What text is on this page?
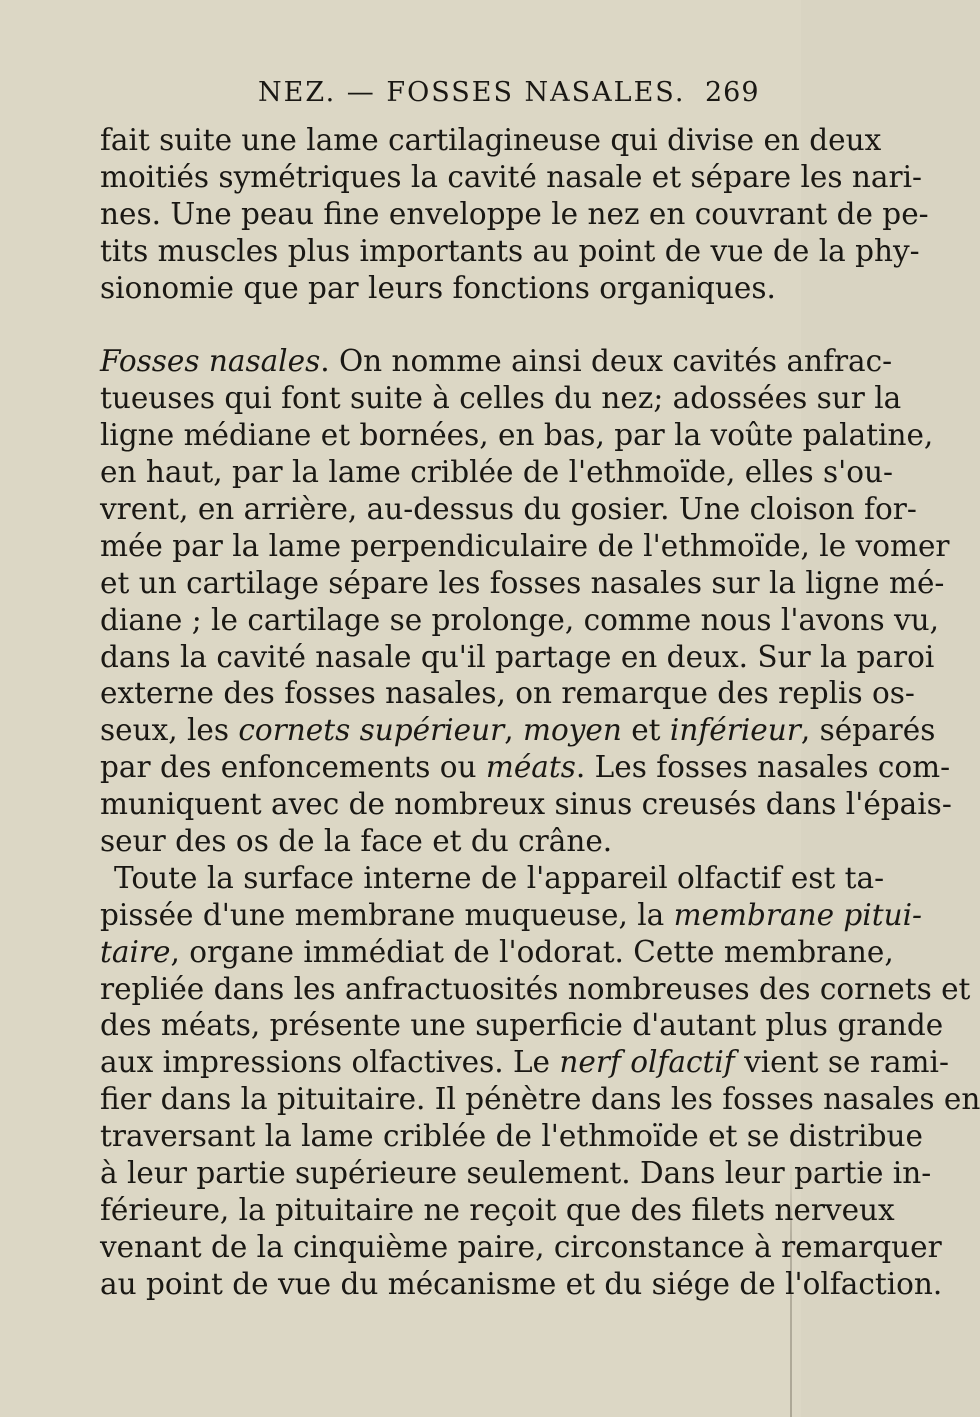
NEZ. — FOSSES NASALES. 269
fait suite une lame cartilagineuse qui divise en deux
moitiés symétriques la cavité nasale et sépare les nari-
nes. Une peau fine enveloppe le nez en couvrant de pe-
tits muscles plus importants au point de vue de la phy-
sionomie que par leurs fonctions organiques.
Fosses nasales. On nomme ainsi deux cavités anfrac-
tueuses qui font suite à celles du nez; adossées sur la
ligne médiane et bornées, en bas, par la voûte palatine,
en haut, par la lame criblée de l'ethmoïde, elles s'ou-
vrent, en arrière, au-dessus du gosier. Une cloison for-
mée par la lame perpendiculaire de l'ethmoïde, le vomer
et un cartilage sépare les fosses nasales sur la ligne mé-
diane ; le cartilage se prolonge, comme nous l'avons vu,
dans la cavité nasale qu'il partage en deux. Sur la paroi
externe des fosses nasales, on remarque des replis os-
seux, les cornets supérieur, moyen et inférieur, séparés
par des enfoncements ou méats. Les fosses nasales com-
muniquent avec de nombreux sinus creusés dans l'épais-
seur des os de la face et du crâne.
Toute la surface interne de l'appareil olfactif est ta-
pissée d'une membrane muqueuse, la membrane pitui-
taire, organe immédiat de l'odorat. Cette membrane,
repliée dans les anfractuosités nombreuses des cornets et
des méats, présente une superficie d'autant plus grande
aux impressions olfactives. Le nerf olfactif vient se rami-
fier dans la pituitaire. Il pénètre dans les fosses nasales en
traversant la lame criblée de l'ethmoïde et se distribue
à leur partie supérieure seulement. Dans leur partie in-
férieure, la pituitaire ne reçoit que des filets nerveux
venant de la cinquième paire, circonstance à remarquer
au point de vue du mécanisme et du siége de l'olfaction.
